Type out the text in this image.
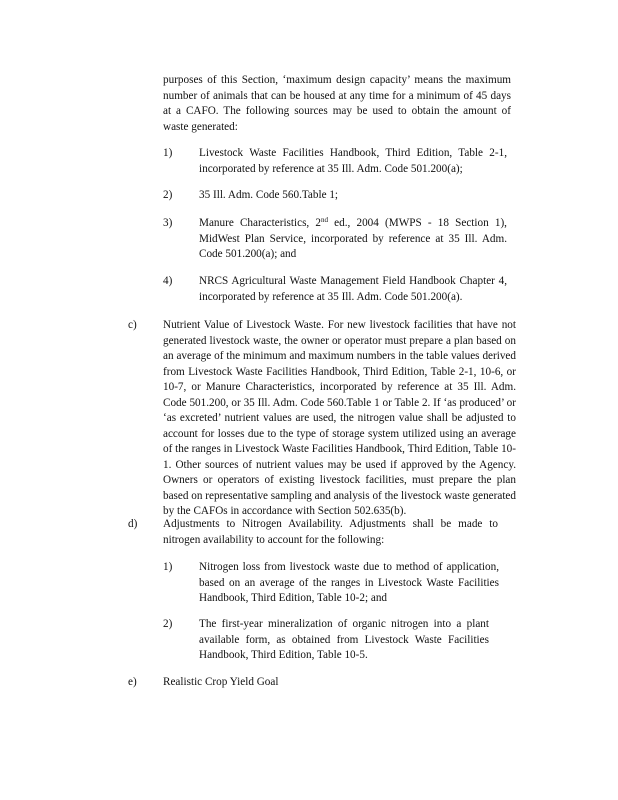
purposes of this Section, ‘maximum design capacity’ means the maximum number of animals that can be housed at any time for a minimum of 45 days at a CAFO. The following sources may be used to obtain the amount of waste generated:

1) Livestock Waste Facilities Handbook, Third Edition, Table 2-1, incorporated by reference at 35 Ill. Adm. Code 501.200(a);

2) 35 Ill. Adm. Code 560.Table 1;

3) Manure Characteristics, 2nd ed., 2004 (MWPS - 18 Section 1), MidWest Plan Service, incorporated by reference at 35 Ill. Adm. Code 501.200(a); and

4) NRCS Agricultural Waste Management Field Handbook Chapter 4, incorporated by reference at 35 Ill. Adm. Code 501.200(a).

c) Nutrient Value of Livestock Waste. For new livestock facilities that have not generated livestock waste, the owner or operator must prepare a plan based on an average of the minimum and maximum numbers in the table values derived from Livestock Waste Facilities Handbook, Third Edition, Table 2-1, 10-6, or 10-7, or Manure Characteristics, incorporated by reference at 35 Ill. Adm. Code 501.200, or 35 Ill. Adm. Code 560.Table 1 or Table 2. If ‘as produced’ or ‘as excreted’ nutrient values are used, the nitrogen value shall be adjusted to account for losses due to the type of storage system utilized using an average of the ranges in Livestock Waste Facilities Handbook, Third Edition, Table 10-1. Other sources of nutrient values may be used if approved by the Agency. Owners or operators of existing livestock facilities, must prepare the plan based on representative sampling and analysis of the livestock waste generated by the CAFOs in accordance with Section 502.635(b).

d) Adjustments to Nitrogen Availability. Adjustments shall be made to nitrogen availability to account for the following:

1) Nitrogen loss from livestock waste due to method of application, based on an average of the ranges in Livestock Waste Facilities Handbook, Third Edition, Table 10-2; and

2) The first-year mineralization of organic nitrogen into a plant available form, as obtained from Livestock Waste Facilities Handbook, Third Edition, Table 10-5.

e) Realistic Crop Yield Goal
